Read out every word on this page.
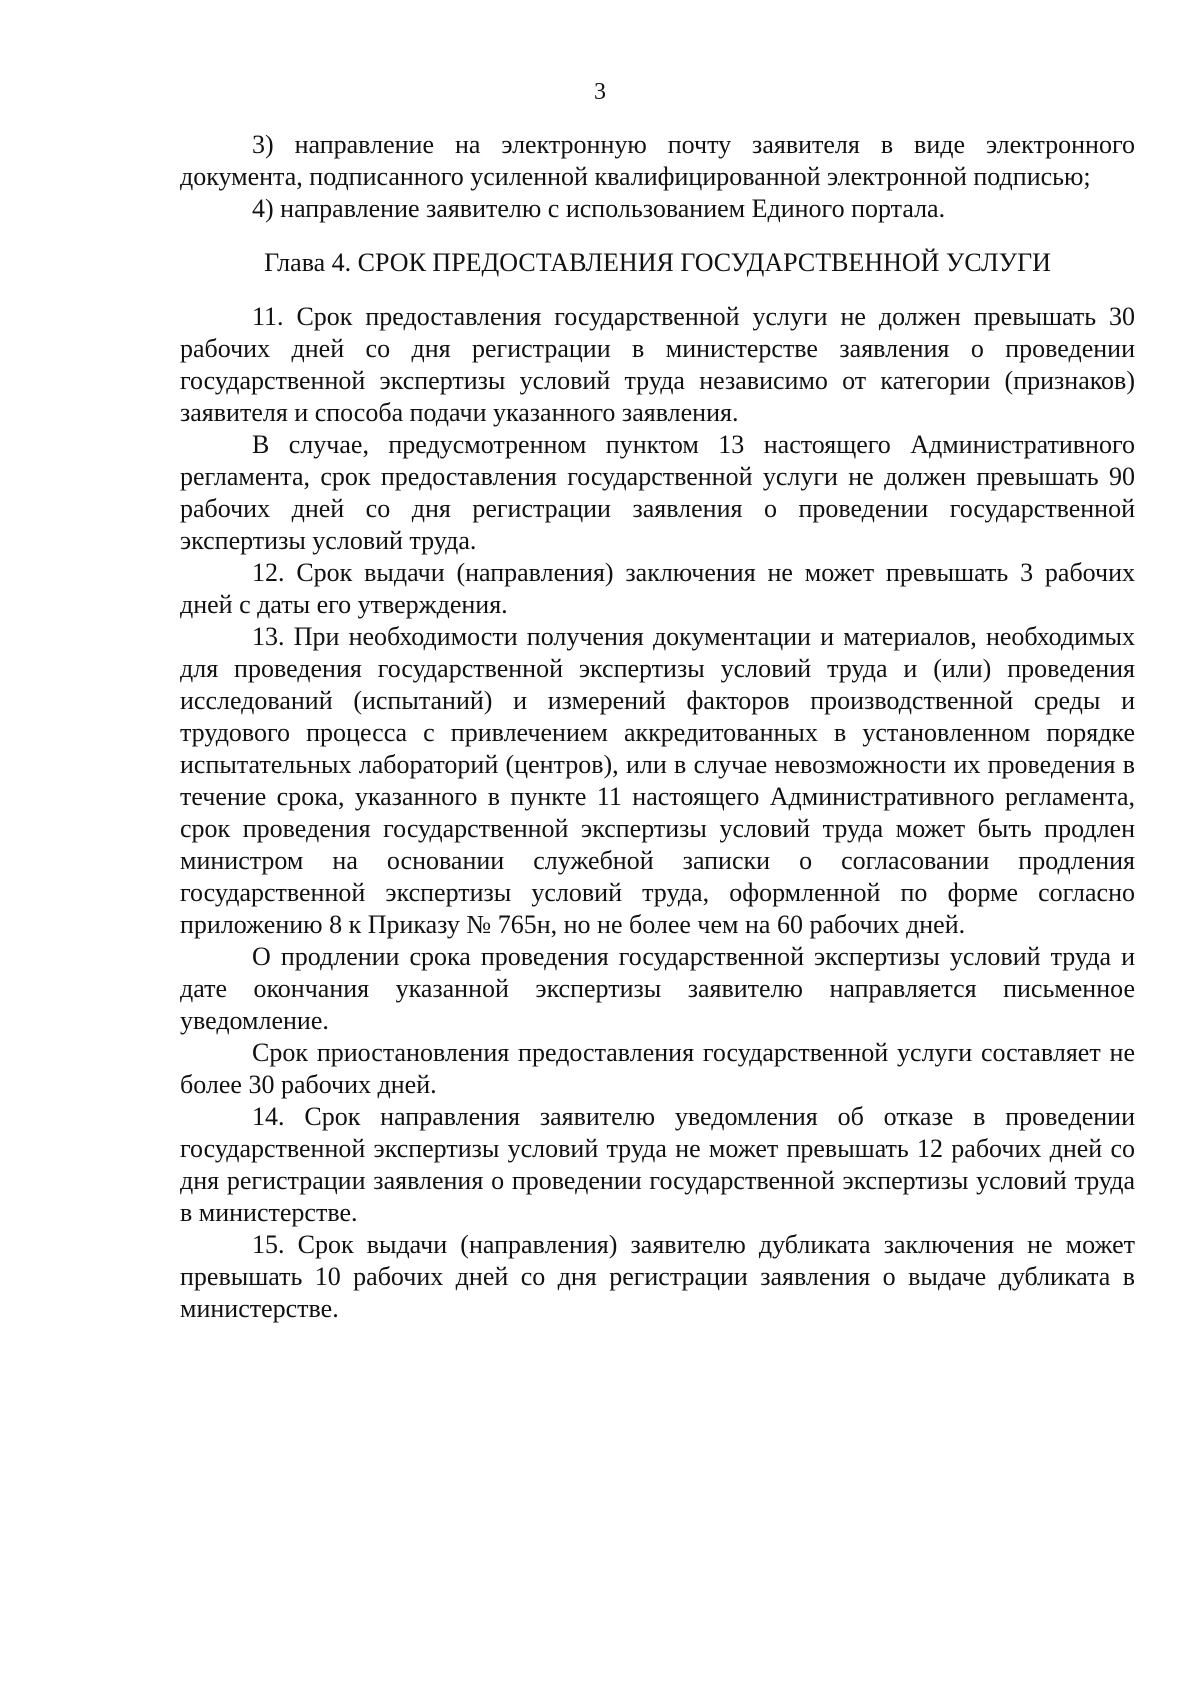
3

3) направление на электронную почту заявителя в виде электронного документа, подписанного усиленной квалифицированной электронной подписью;

4) направление заявителю с использованием Единого портала.

Глава 4. СРОК ПРЕДОСТАВЛЕНИЯ ГОСУДАРСТВЕННОЙ УСЛУГИ

11. Срок предоставления государственной услуги не должен превышать 30 рабочих дней со дня регистрации в министерстве заявления о проведении государственной экспертизы условий труда независимо от категории (признаков) заявителя и способа подачи указанного заявления.

В случае, предусмотренном пунктом 13 настоящего Административного регламента, срок предоставления государственной услуги не должен превышать 90 рабочих дней со дня регистрации заявления о проведении государственной экспертизы условий труда.

12. Срок выдачи (направления) заключения не может превышать 3 рабочих дней с даты его утверждения.

13. При необходимости получения документации и материалов, необходимых для проведения государственной экспертизы условий труда и (или) проведения исследований (испытаний) и измерений факторов производственной среды и трудового процесса с привлечением аккредитованных в установленном порядке испытательных лабораторий (центров), или в случае невозможности их проведения в течение срока, указанного в пункте 11 настоящего Административного регламента, срок проведения государственной экспертизы условий труда может быть продлен министром на основании служебной записки о согласовании продления государственной экспертизы условий труда, оформленной по форме согласно приложению 8 к Приказу № 765н, но не более чем на 60 рабочих дней.

О продлении срока проведения государственной экспертизы условий труда и дате окончания указанной экспертизы заявителю направляется письменное уведомление.

Срок приостановления предоставления государственной услуги составляет не более 30 рабочих дней.

14. Срок направления заявителю уведомления об отказе в проведении государственной экспертизы условий труда не может превышать 12 рабочих дней со дня регистрации заявления о проведении государственной экспертизы условий труда в министерстве.

15. Срок выдачи (направления) заявителю дубликата заключения не может превышать 10 рабочих дней со дня регистрации заявления о выдаче дубликата в министерстве.
